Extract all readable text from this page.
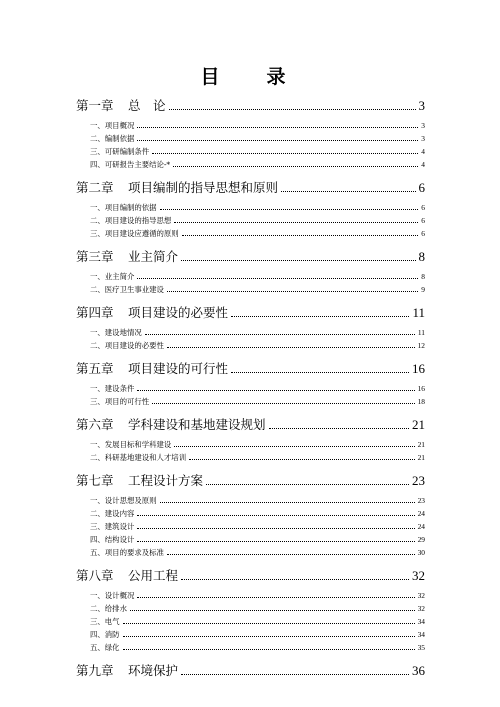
目　录
第一章	总　论	3
一、项目概况	3
二、编制依据	3
三、可研编制条件	4
四、可研报告主要结论-*	4
第二章	项目编制的指导思想和原则	6
一、项目编制的依据	6
二、项目建设的指导思想	6
三、项目建设应遵循的原则	6
第三章	业主简介	8
一、业主简介	8
二、医疗卫生事业建设	9
第四章	项目建设的必要性	11
一、建设地情况	11
二、项目建设的必要性	12
第五章	项目建设的可行性	16
一、建设条件	16
三、项目的可行性	18
第六章	学科建设和基地建设规划	21
一、发展目标和学科建设	21
二、科研基地建设和人才培训	21
第七章	工程设计方案	23
一、设计思想及原则	23
二、建设内容	24
三、建筑设计	24
四、结构设计	29
五、项目的要求及标准	30
第八章	公用工程	32
一、设计概况	32
二、给排水	32
三、电气	34
四、消防	34
五、绿化	35
第九章	环境保护	36
